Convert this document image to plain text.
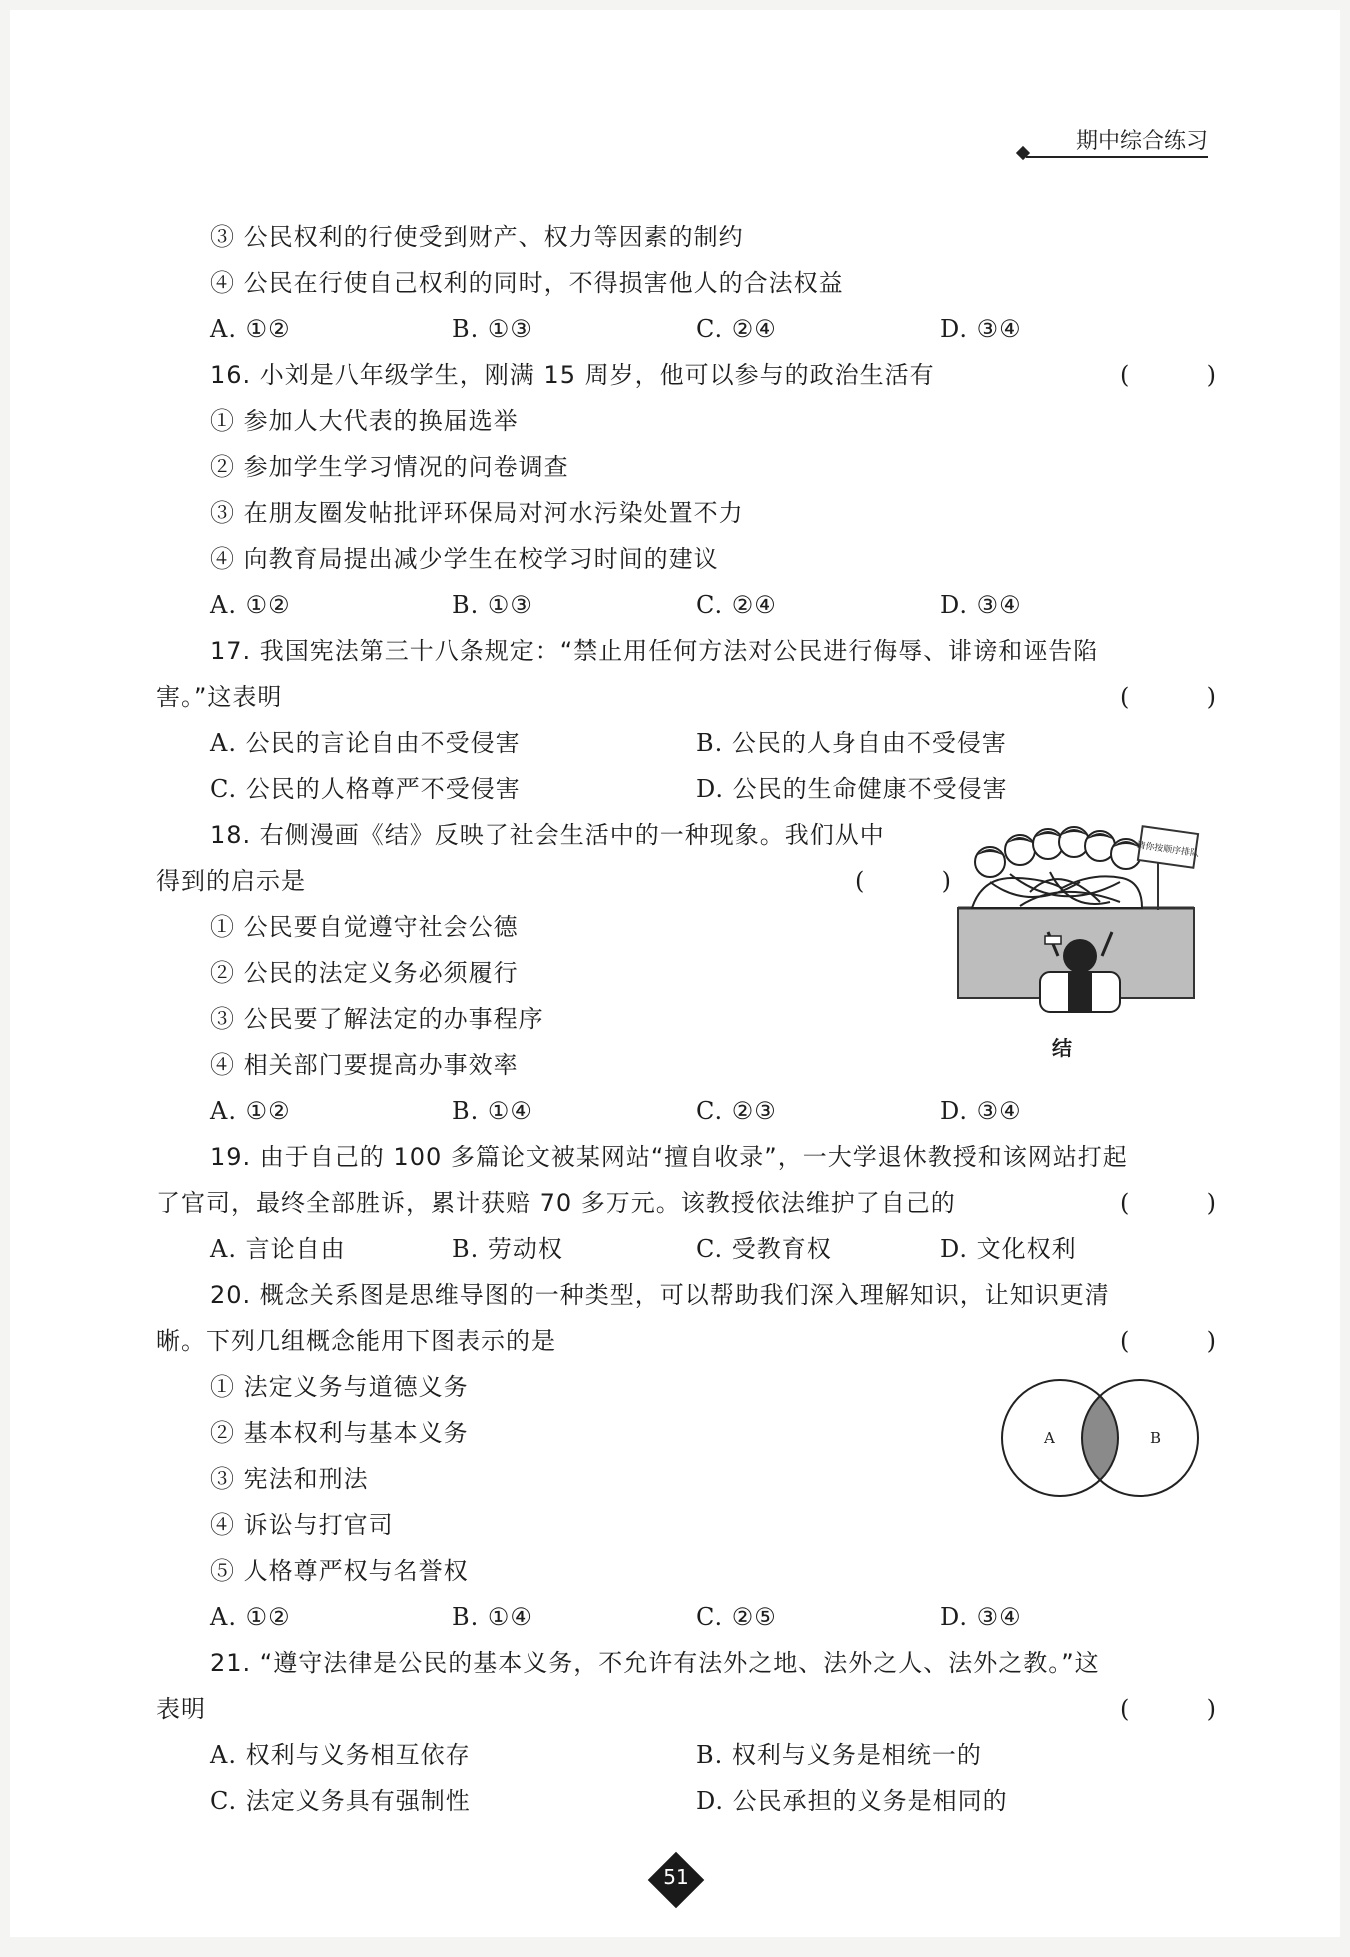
期中综合练习
③ 公民权利的行使受到财产、权力等因素的制约
④ 公民在行使自己权利的同时，不得损害他人的合法权益
A. ①②	B. ①③	C. ②④	D. ③④
16. 小刘是八年级学生，刚满 15 周岁，他可以参与的政治生活有	(	)
① 参加人大代表的换届选举
② 参加学生学习情况的问卷调查
③ 在朋友圈发帖批评环保局对河水污染处置不力
④ 向教育局提出减少学生在校学习时间的建议
A. ①②	B. ①③	C. ②④	D. ③④
17. 我国宪法第三十八条规定：“禁止用任何方法对公民进行侮辱、诽谤和诬告陷
害。”这表明	(	)
A. 公民的言论自由不受侵害	B. 公民的人身自由不受侵害
C. 公民的人格尊严不受侵害	D. 公民的生命健康不受侵害
18. 右侧漫画《结》反映了社会生活中的一种现象。我们从中
得到的启示是	(	)
① 公民要自觉遵守社会公德
② 公民的法定义务必须履行
③ 公民要了解法定的办事程序
④ 相关部门要提高办事效率
A. ①②	B. ①④	C. ②③	D. ③④
请你按顺序排队
结
19. 由于自己的 100 多篇论文被某网站“擅自收录”，一大学退休教授和该网站打起
了官司，最终全部胜诉，累计获赔 70 多万元。该教授依法维护了自己的	(	)
A. 言论自由	B. 劳动权	C. 受教育权	D. 文化权利
20. 概念关系图是思维导图的一种类型，可以帮助我们深入理解知识，让知识更清
晰。下列几组概念能用下图表示的是	(	)
① 法定义务与道德义务
② 基本权利与基本义务
③ 宪法和刑法
④ 诉讼与打官司
⑤ 人格尊严权与名誉权
A. ①②	B. ①④	C. ②⑤	D. ③④
A	B
21. “遵守法律是公民的基本义务，不允许有法外之地、法外之人、法外之教。”这
表明	(	)
A. 权利与义务相互依存	B. 权利与义务是相统一的
C. 法定义务具有强制性	D. 公民承担的义务是相同的
51
